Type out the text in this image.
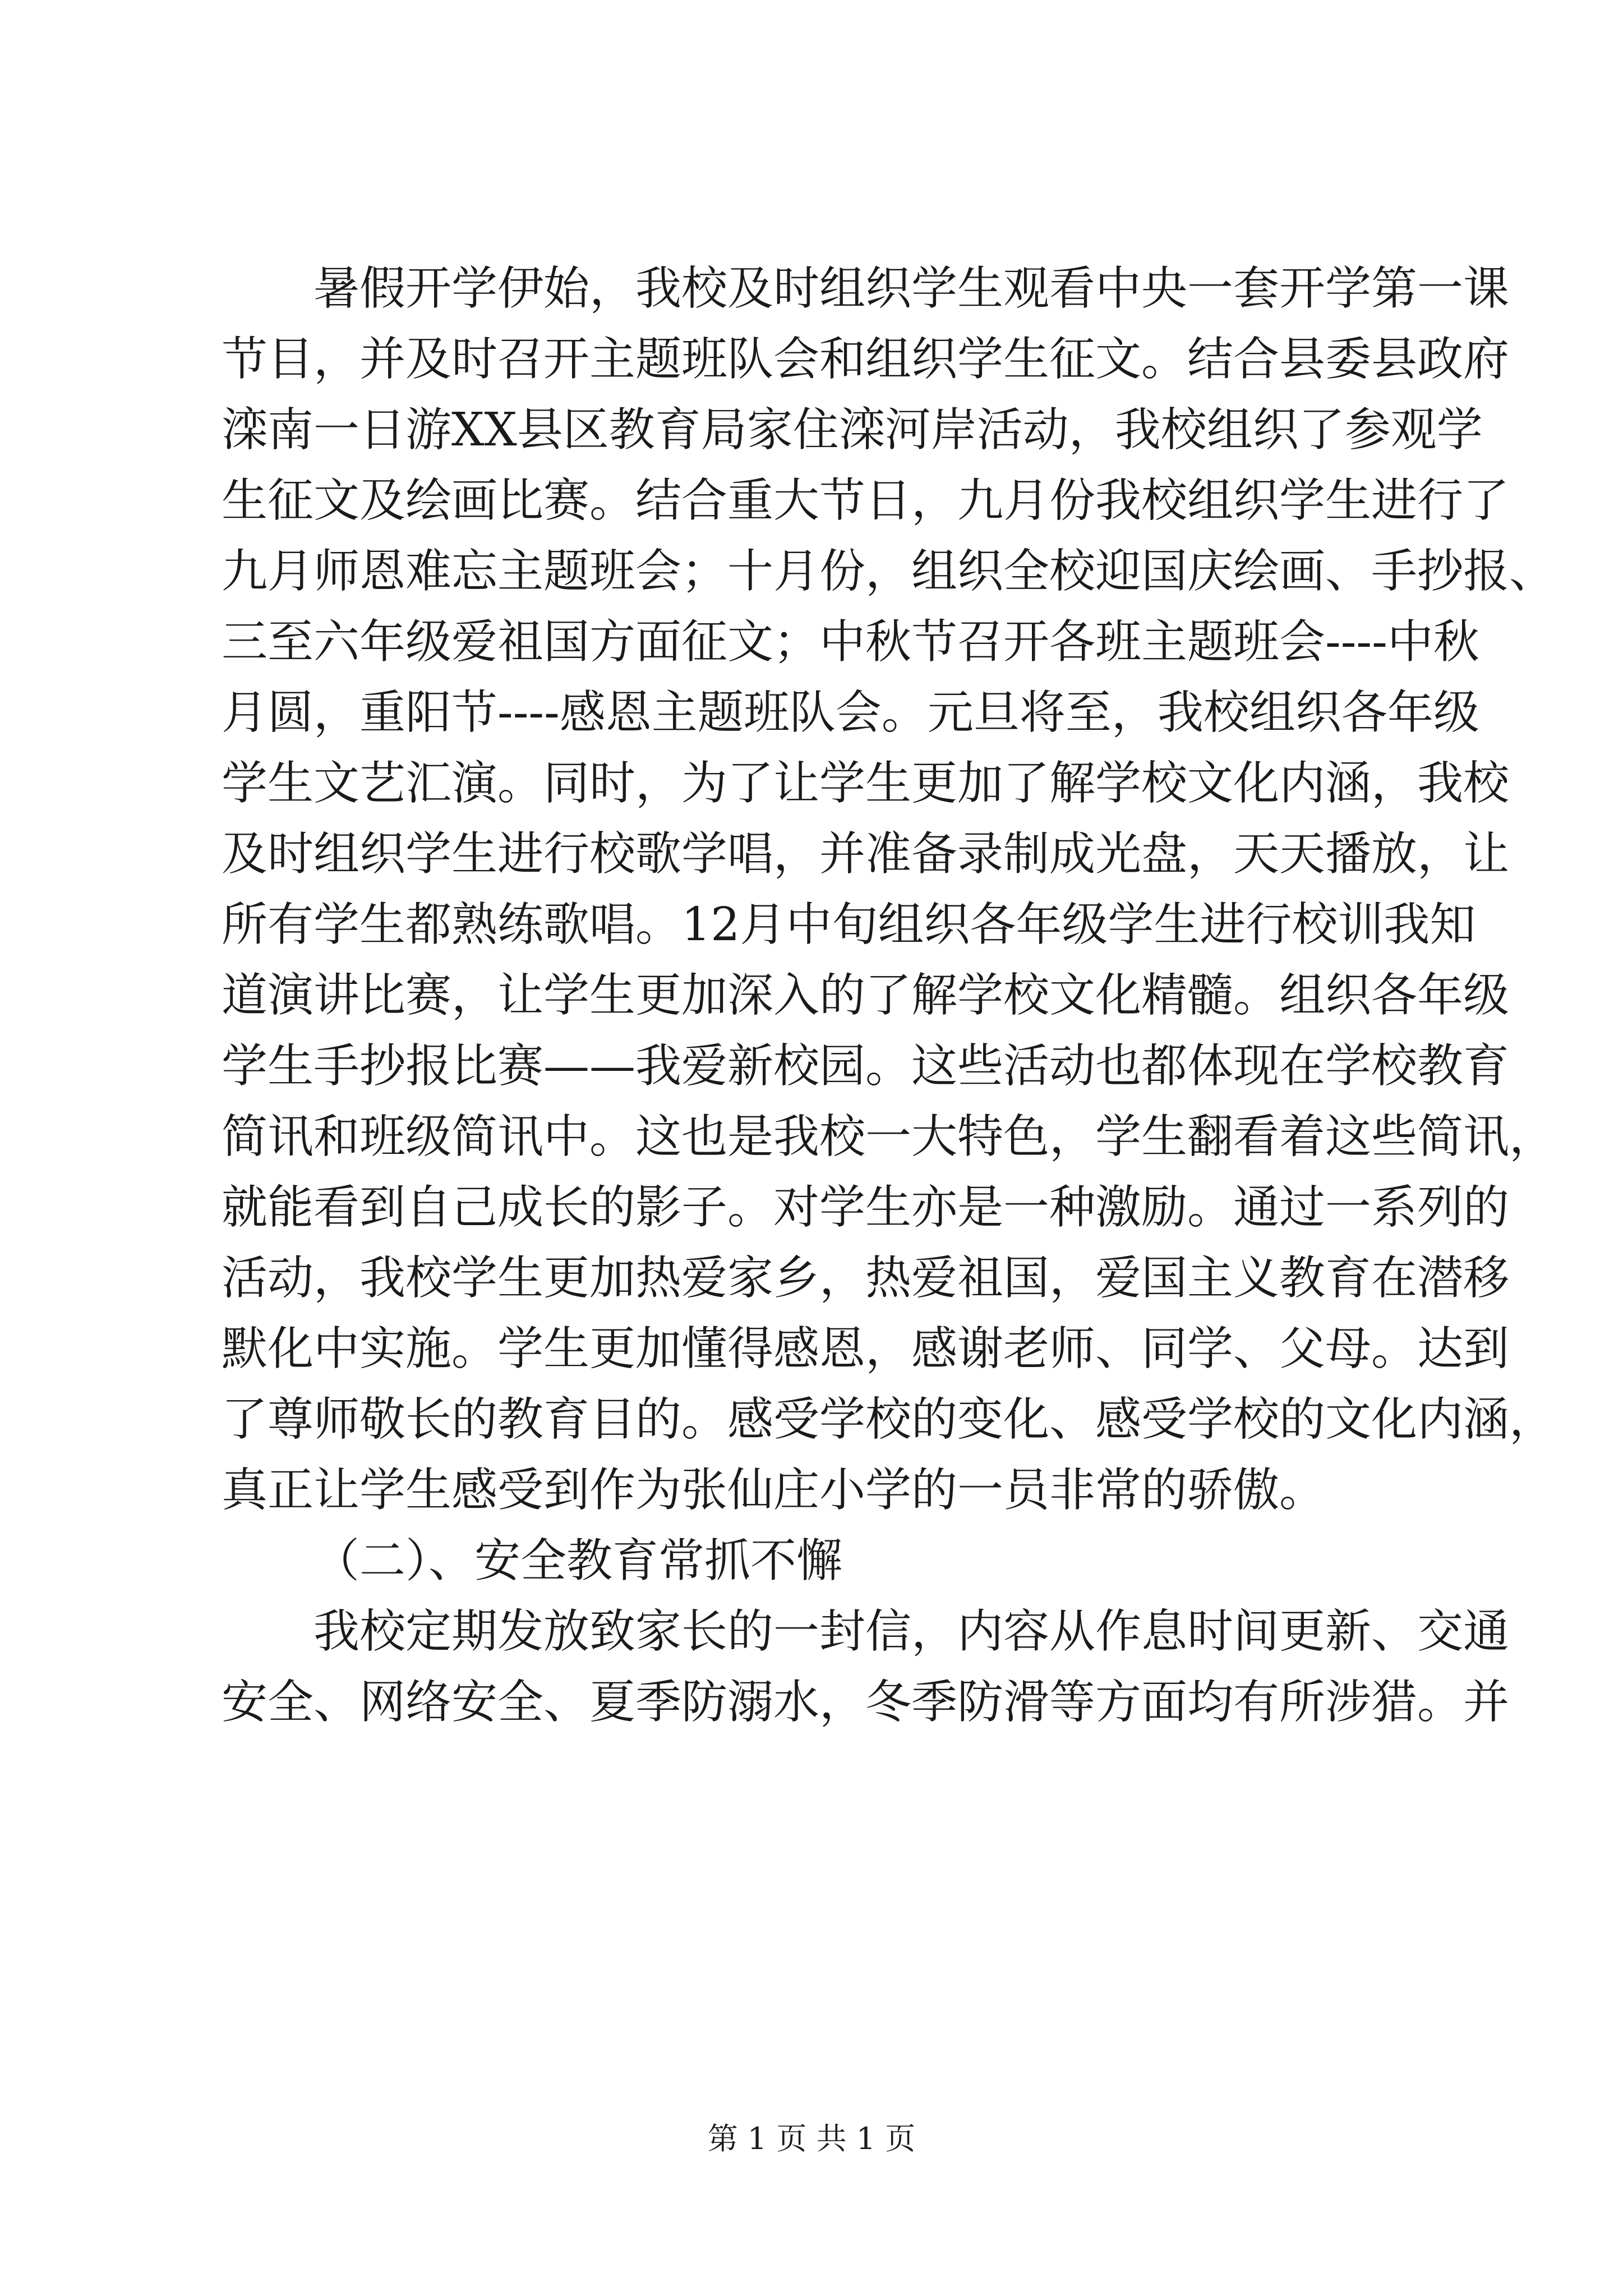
暑假开学伊始，我校及时组织学生观看中央一套开学第一课
节目，并及时召开主题班队会和组织学生征文。结合县委县政府
滦南一日游XX县区教育局家住滦河岸活动，我校组织了参观学
生征文及绘画比赛。结合重大节日，九月份我校组织学生进行了
九月师恩难忘主题班会；十月份，组织全校迎国庆绘画、手抄报、
三至六年级爱祖国方面征文；中秋节召开各班主题班会----中秋
月圆，重阳节----感恩主题班队会。元旦将至，我校组织各年级
学生文艺汇演。同时，为了让学生更加了解学校文化内涵，我校
及时组织学生进行校歌学唱，并准备录制成光盘，天天播放，让
所有学生都熟练歌唱。12月中旬组织各年级学生进行校训我知
道演讲比赛，让学生更加深入的了解学校文化精髓。组织各年级
学生手抄报比赛——我爱新校园。这些活动也都体现在学校教育
简讯和班级简讯中。这也是我校一大特色，学生翻看着这些简讯，
就能看到自己成长的影子。对学生亦是一种激励。通过一系列的
活动，我校学生更加热爱家乡，热爱祖国，爱国主义教育在潜移
默化中实施。学生更加懂得感恩，感谢老师、同学、父母。达到
了尊师敬长的教育目的。感受学校的变化、感受学校的文化内涵，
真正让学生感受到作为张仙庄小学的一员非常的骄傲。
（二）、安全教育常抓不懈
我校定期发放致家长的一封信，内容从作息时间更新、交通
安全、网络安全、夏季防溺水，冬季防滑等方面均有所涉猎。并
第 1 页 共 1 页
